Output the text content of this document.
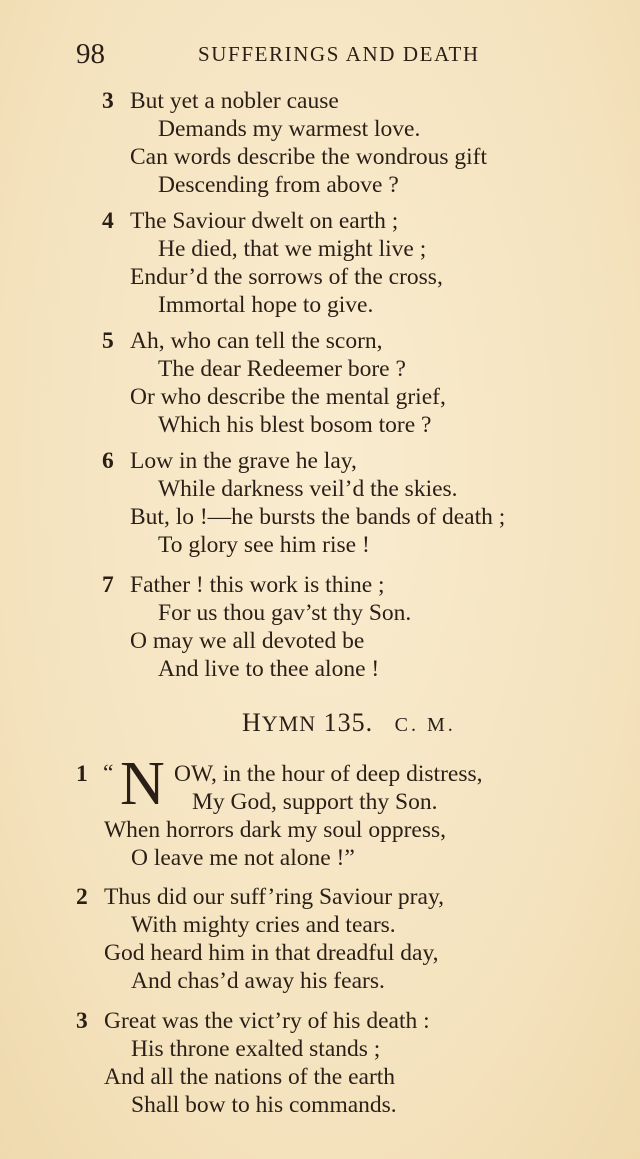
98	SUFFERINGS AND DEATH
3 But yet a nobler cause
Demands my warmest love.
Can words describe the wondrous gift
Descending from above ?
4 The Saviour dwelt on earth ;
He died, that we might live ;
Endur’d the sorrows of the cross,
Immortal hope to give.
5 Ah, who can tell the scorn,
The dear Redeemer bore ?
Or who describe the mental grief,
Which his blest bosom tore ?
6 Low in the grave he lay,
While darkness veil’d the skies.
But, lo !—he bursts the bands of death ;
To glory see him rise !
7 Father ! this work is thine ;
For us thou gav’st thy Son.
O may we all devoted be
And live to thee alone !
HYMN 135. C. M.
1 “ N OW, in the hour of deep distress,
My God, support thy Son.
When horrors dark my soul oppress,
O leave me not alone !”
2 Thus did our suff’ring Saviour pray,
With mighty cries and tears.
God heard him in that dreadful day,
And chas’d away his fears.
3 Great was the vict’ry of his death :
His throne exalted stands ;
And all the nations of the earth
Shall bow to his commands.
